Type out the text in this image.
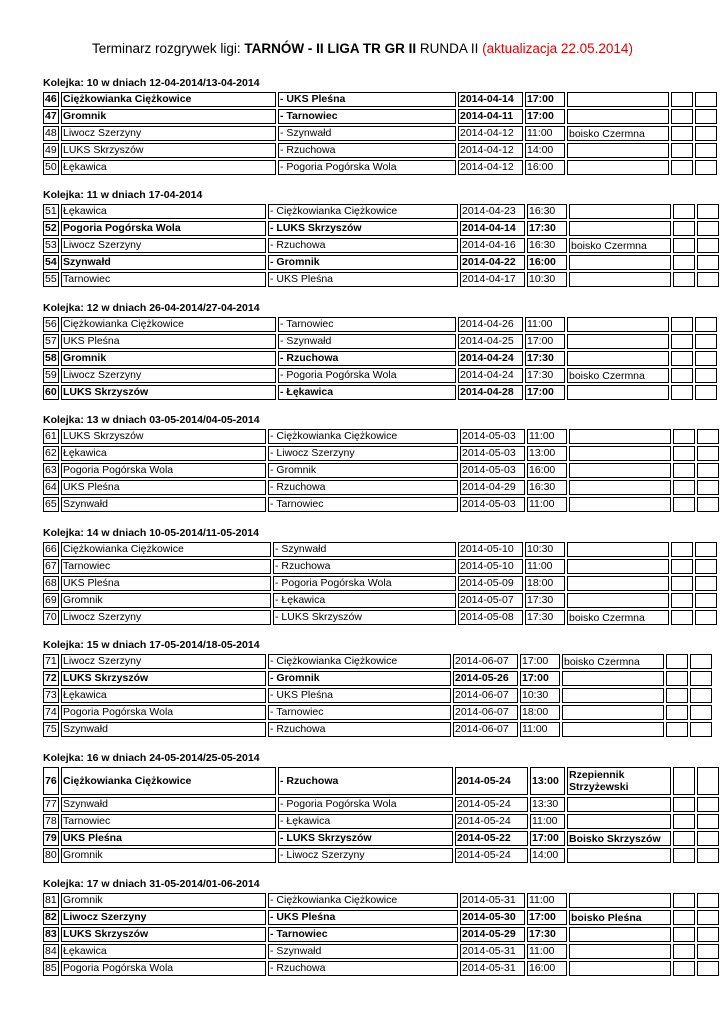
Terminarz rozgrywek ligi: TARNÓW - II LIGA TR GR II RUNDA II (aktualizacja 22.05.2014)
Kolejka: 10 w dniach 12-04-2014/13-04-2014
46	Ciężkowianka Ciężkowice	- UKS Pleśna	2014-04-14	17:00			
47	Gromnik	- Tarnowiec	2014-04-11	17:00			
48	Liwocz Szerzyny	- Szynwałd	2014-04-12	11:00	boisko Czermna		
49	LUKS Skrzyszów	- Rzuchowa	2014-04-12	14:00			
50	Łękawica	- Pogoria Pogórska Wola	2014-04-12	16:00			
Kolejka: 11 w dniach 17-04-2014
51	Łękawica	- Ciężkowianka Ciężkowice	2014-04-23	16:30			
52	Pogoria Pogórska Wola	- LUKS Skrzyszów	2014-04-14	17:30			
53	Liwocz Szerzyny	- Rzuchowa	2014-04-16	16:30	boisko Czermna		
54	Szynwałd	- Gromnik	2014-04-22	16:00			
55	Tarnowiec	- UKS Pleśna	2014-04-17	10:30			
Kolejka: 12 w dniach 26-04-2014/27-04-2014
56	Ciężkowianka Ciężkowice	- Tarnowiec	2014-04-26	11:00			
57	UKS Pleśna	- Szynwałd	2014-04-25	17:00			
58	Gromnik	- Rzuchowa	2014-04-24	17:30			
59	Liwocz Szerzyny	- Pogoria Pogórska Wola	2014-04-24	17:30	boisko Czermna		
60	LUKS Skrzyszów	- Łękawica	2014-04-28	17:00			
Kolejka: 13 w dniach 03-05-2014/04-05-2014
61	LUKS Skrzyszów	- Ciężkowianka Ciężkowice	2014-05-03	11:00			
62	Łękawica	- Liwocz Szerzyny	2014-05-03	13:00			
63	Pogoria Pogórska Wola	- Gromnik	2014-05-03	16:00			
64	UKS Pleśna	- Rzuchowa	2014-04-29	16:30			
65	Szynwałd	- Tarnowiec	2014-05-03	11:00			
Kolejka: 14 w dniach 10-05-2014/11-05-2014
66	Ciężkowianka Ciężkowice	- Szynwałd	2014-05-10	10:30			
67	Tarnowiec	- Rzuchowa	2014-05-10	11:00			
68	UKS Pleśna	- Pogoria Pogórska Wola	2014-05-09	18:00			
69	Gromnik	- Łękawica	2014-05-07	17:30			
70	Liwocz Szerzyny	- LUKS Skrzyszów	2014-05-08	17:30	boisko Czermna		
Kolejka: 15 w dniach 17-05-2014/18-05-2014
71	Liwocz Szerzyny	- Ciężkowianka Ciężkowice	2014-06-07	17:00	boisko Czermna		
72	LUKS Skrzyszów	- Gromnik	2014-05-26	17:00			
73	Łękawica	- UKS Pleśna	2014-06-07	10:30			
74	Pogoria Pogórska Wola	- Tarnowiec	2014-06-07	18:00			
75	Szynwałd	- Rzuchowa	2014-06-07	11:00			
Kolejka: 16 w dniach 24-05-2014/25-05-2014
76	Ciężkowianka Ciężkowice	- Rzuchowa	2014-05-24	13:00	Rzepiennik Strzyżewski		
77	Szynwałd	- Pogoria Pogórska Wola	2014-05-24	13:30			
78	Tarnowiec	- Łękawica	2014-05-24	11:00			
79	UKS Pleśna	- LUKS Skrzyszów	2014-05-22	17:00	Boisko Skrzyszów		
80	Gromnik	- Liwocz Szerzyny	2014-05-24	14:00			
Kolejka: 17 w dniach 31-05-2014/01-06-2014
81	Gromnik	- Ciężkowianka Ciężkowice	2014-05-31	11:00			
82	Liwocz Szerzyny	- UKS Pleśna	2014-05-30	17:00	boisko Pleśna		
83	LUKS Skrzyszów	- Tarnowiec	2014-05-29	17:30			
84	Łękawica	- Szynwałd	2014-05-31	11:00			
85	Pogoria Pogórska Wola	- Rzuchowa	2014-05-31	16:00			
